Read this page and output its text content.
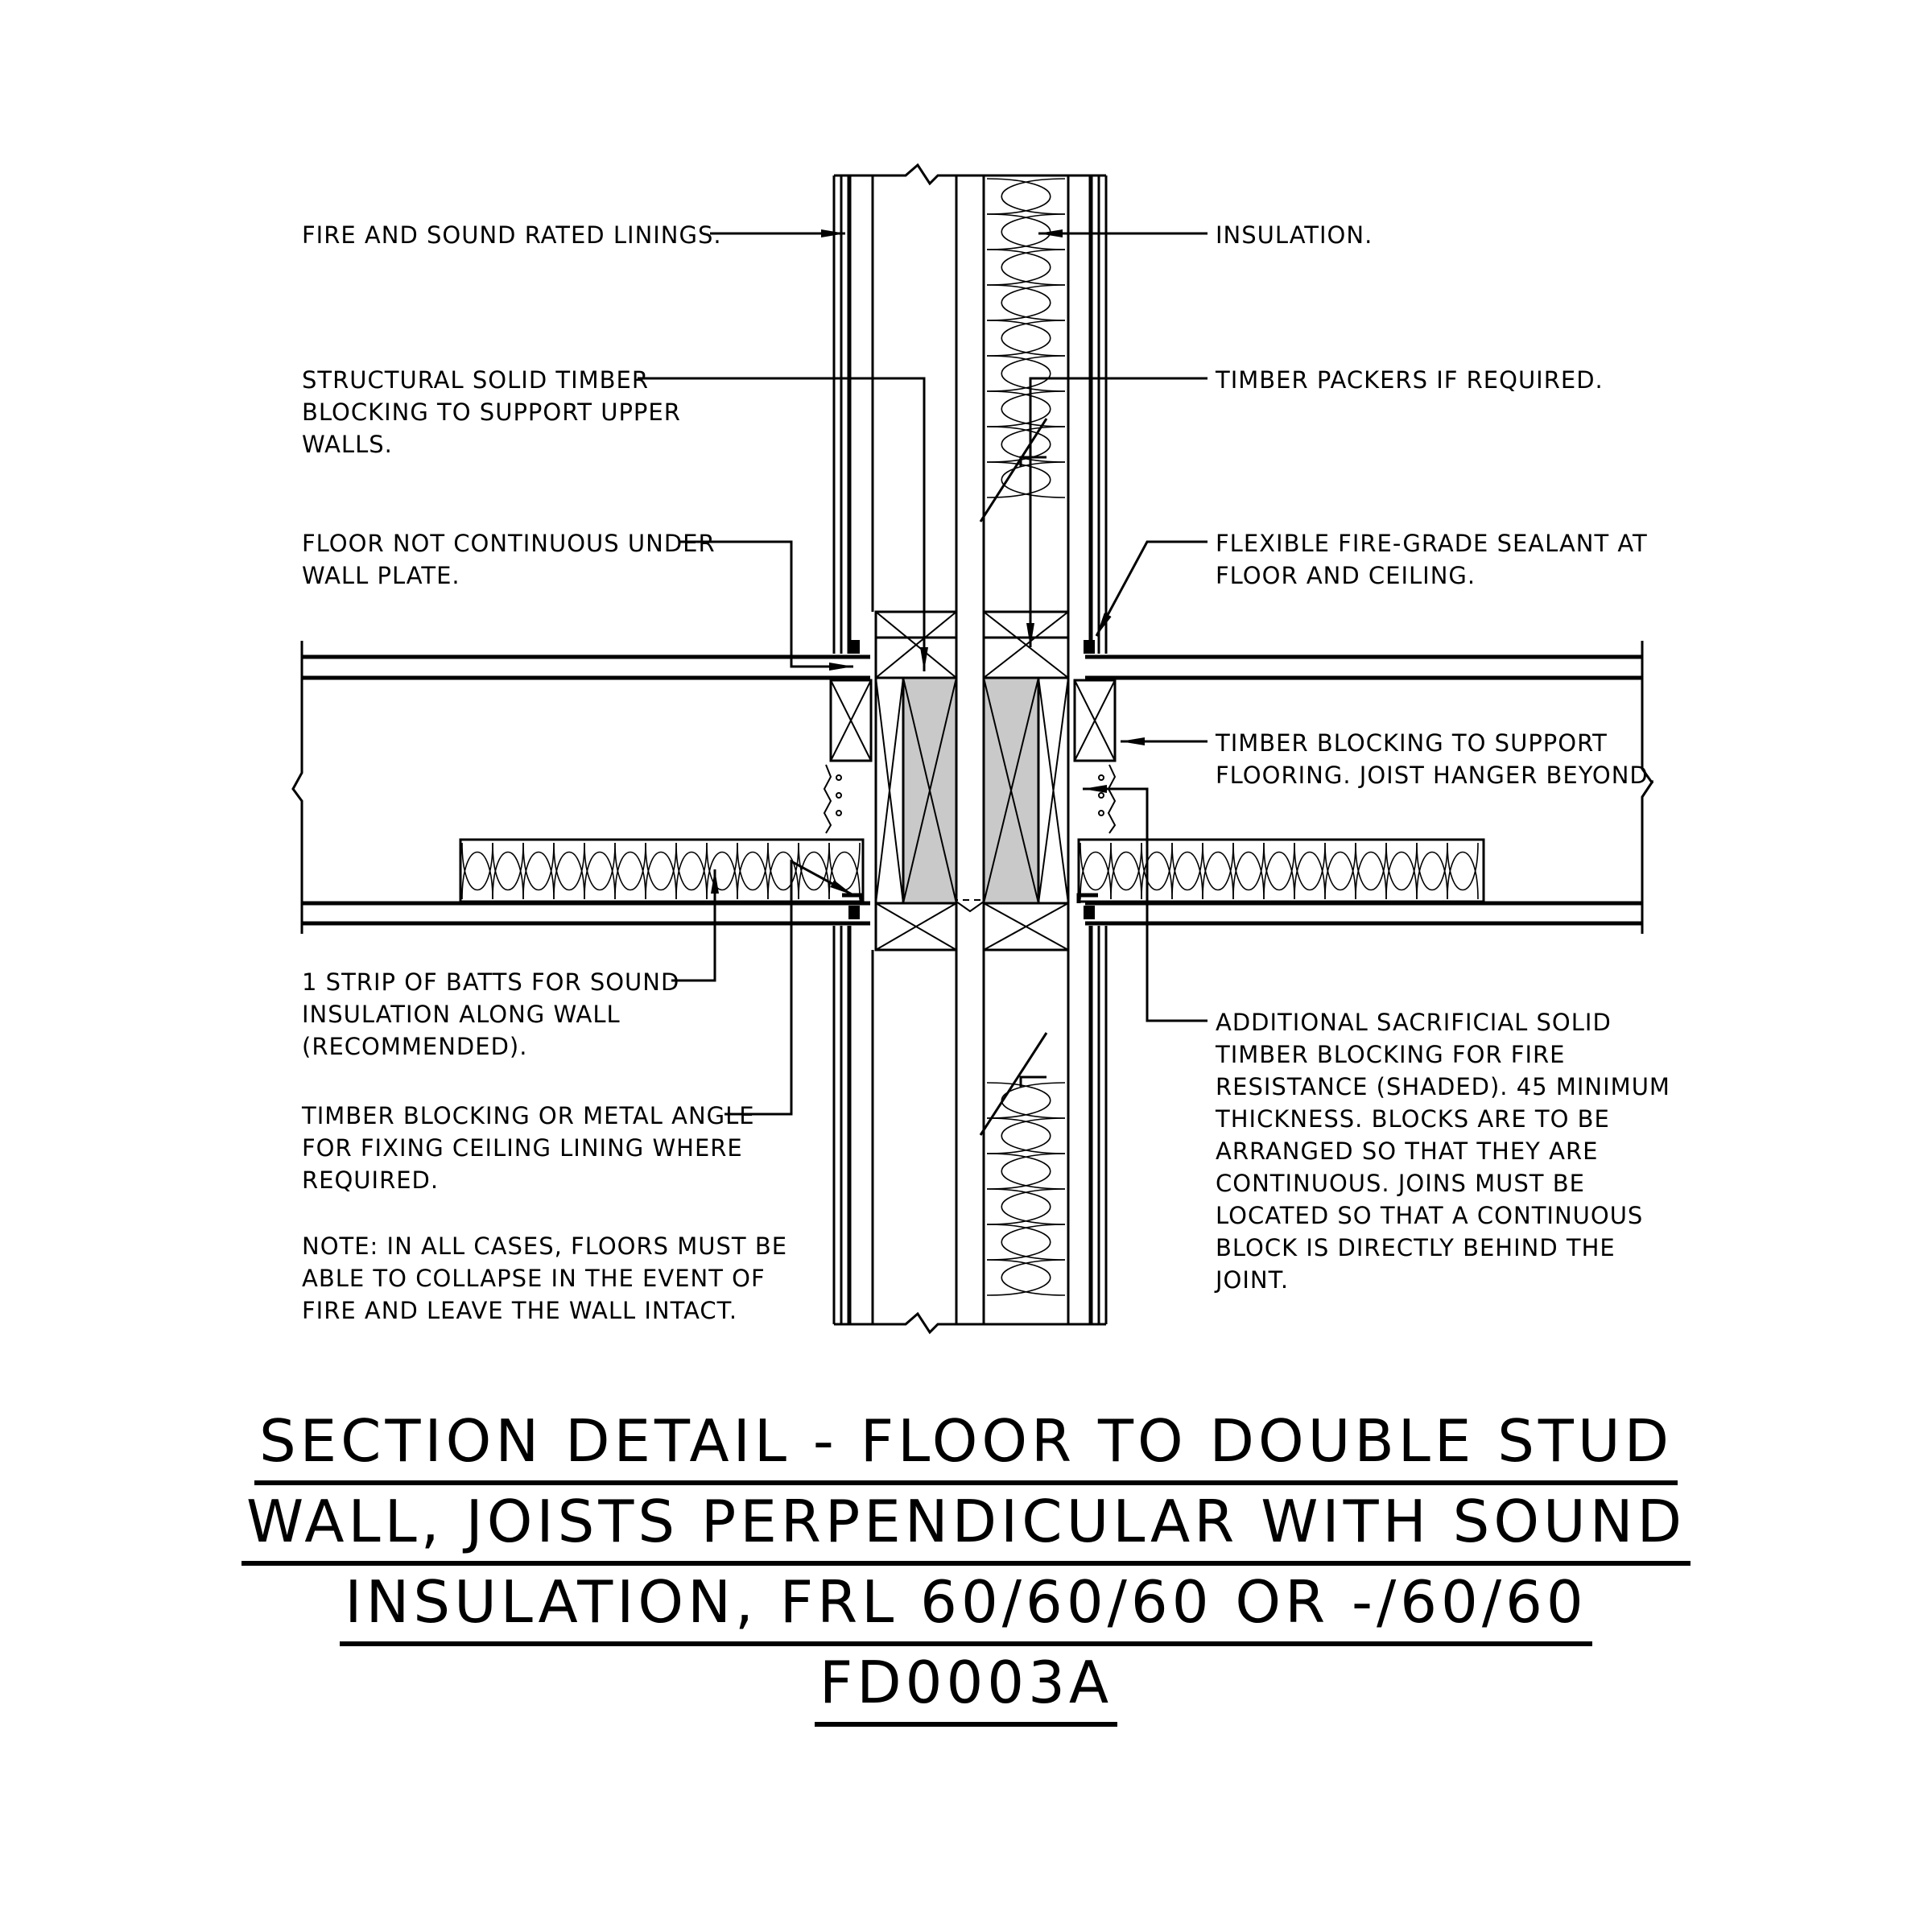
FIRE AND SOUND RATED LININGS.
STRUCTURAL SOLID TIMBER
BLOCKING TO SUPPORT UPPER
WALLS.
FLOOR NOT CONTINUOUS UNDER
WALL PLATE.
1 STRIP OF BATTS FOR SOUND
INSULATION ALONG WALL
(RECOMMENDED).
TIMBER BLOCKING OR METAL ANGLE
FOR FIXING CEILING LINING WHERE
REQUIRED.
NOTE: IN ALL CASES, FLOORS MUST BE
ABLE TO COLLAPSE IN THE EVENT OF
FIRE AND LEAVE THE WALL INTACT.
INSULATION.
TIMBER PACKERS IF REQUIRED.
FLEXIBLE FIRE-GRADE SEALANT AT
FLOOR AND CEILING.
TIMBER BLOCKING TO SUPPORT
FLOORING. JOIST HANGER BEYOND.
ADDITIONAL SACRIFICIAL SOLID
TIMBER BLOCKING FOR FIRE
RESISTANCE (SHADED). 45 MINIMUM
THICKNESS. BLOCKS ARE TO BE
ARRANGED SO THAT THEY ARE
CONTINUOUS. JOINS MUST BE
LOCATED SO THAT A CONTINUOUS
BLOCK IS DIRECTLY BEHIND THE
JOINT.
SECTION DETAIL - FLOOR TO DOUBLE STUD
WALL, JOISTS PERPENDICULAR WITH SOUND
INSULATION, FRL 60/60/60 OR -/60/60
FD0003A
